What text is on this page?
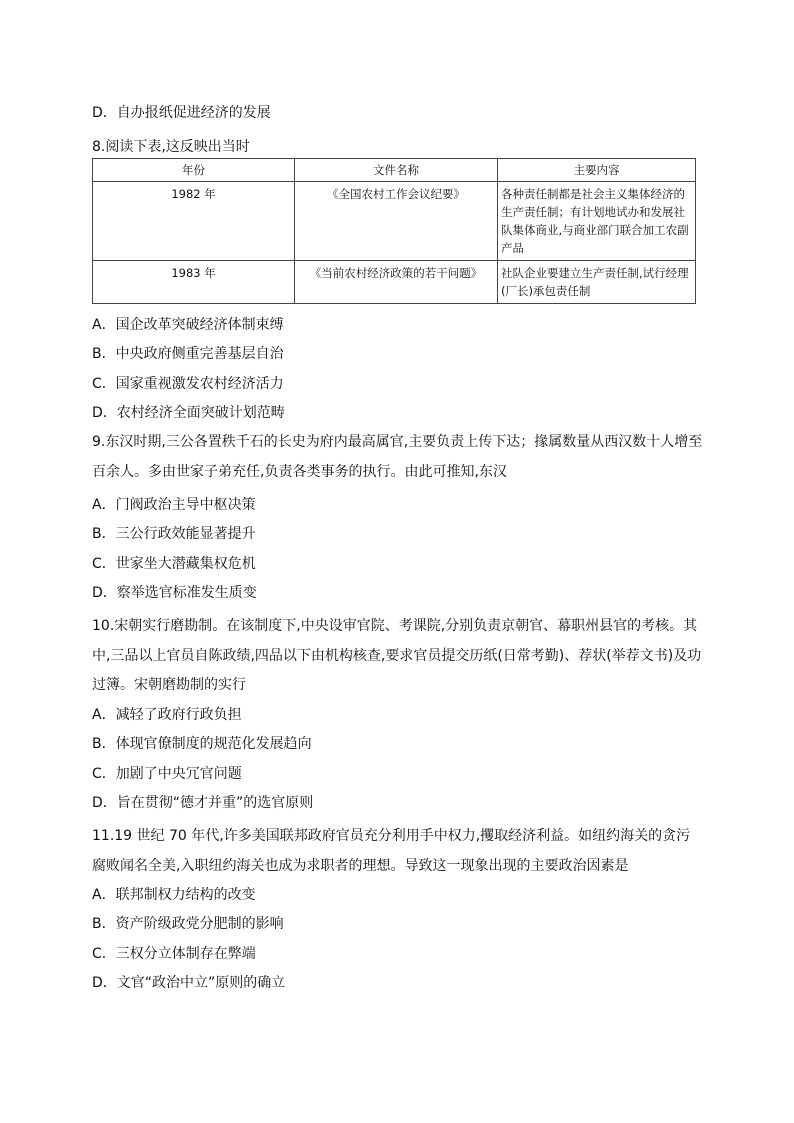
D．自办报纸促进经济的发展
8.阅读下表,这反映出当时
年份	文件名称	主要内容
1982 年	《全国农村工作会议纪要》	各种责任制都是社会主义集体经济的生产责任制；有计划地试办和发展社队集体商业,与商业部门联合加工农副产品
1983 年	《当前农村经济政策的若干问题》	社队企业要建立生产责任制,试行经理(厂长)承包责任制
A．国企改革突破经济体制束缚
B．中央政府侧重完善基层自治
C．国家重视激发农村经济活力
D．农村经济全面突破计划范畴
9.东汉时期,三公各置秩千石的长史为府内最高属官,主要负责上传下达；掾属数量从西汉数十人增至百余人。多由世家子弟充任,负责各类事务的执行。由此可推知,东汉
A．门阀政治主导中枢决策
B．三公行政效能显著提升
C．世家坐大潜藏集权危机
D．察举选官标准发生质变
10.宋朝实行磨勘制。在该制度下,中央设审官院、考课院,分别负责京朝官、幕职州县官的考核。其中,三品以上官员自陈政绩,四品以下由机构核查,要求官员提交历纸(日常考勤)、荐状(举荐文书)及功过簿。宋朝磨勘制的实行
A．减轻了政府行政负担
B．体现官僚制度的规范化发展趋向
C．加剧了中央冗官问题
D．旨在贯彻“德才并重”的选官原则
11.19 世纪 70 年代,许多美国联邦政府官员充分利用手中权力,攫取经济利益。如纽约海关的贪污腐败闻名全美,入职纽约海关也成为求职者的理想。导致这一现象出现的主要政治因素是
A．联邦制权力结构的改变
B．资产阶级政党分肥制的影响
C．三权分立体制存在弊端
D．文官“政治中立”原则的确立
